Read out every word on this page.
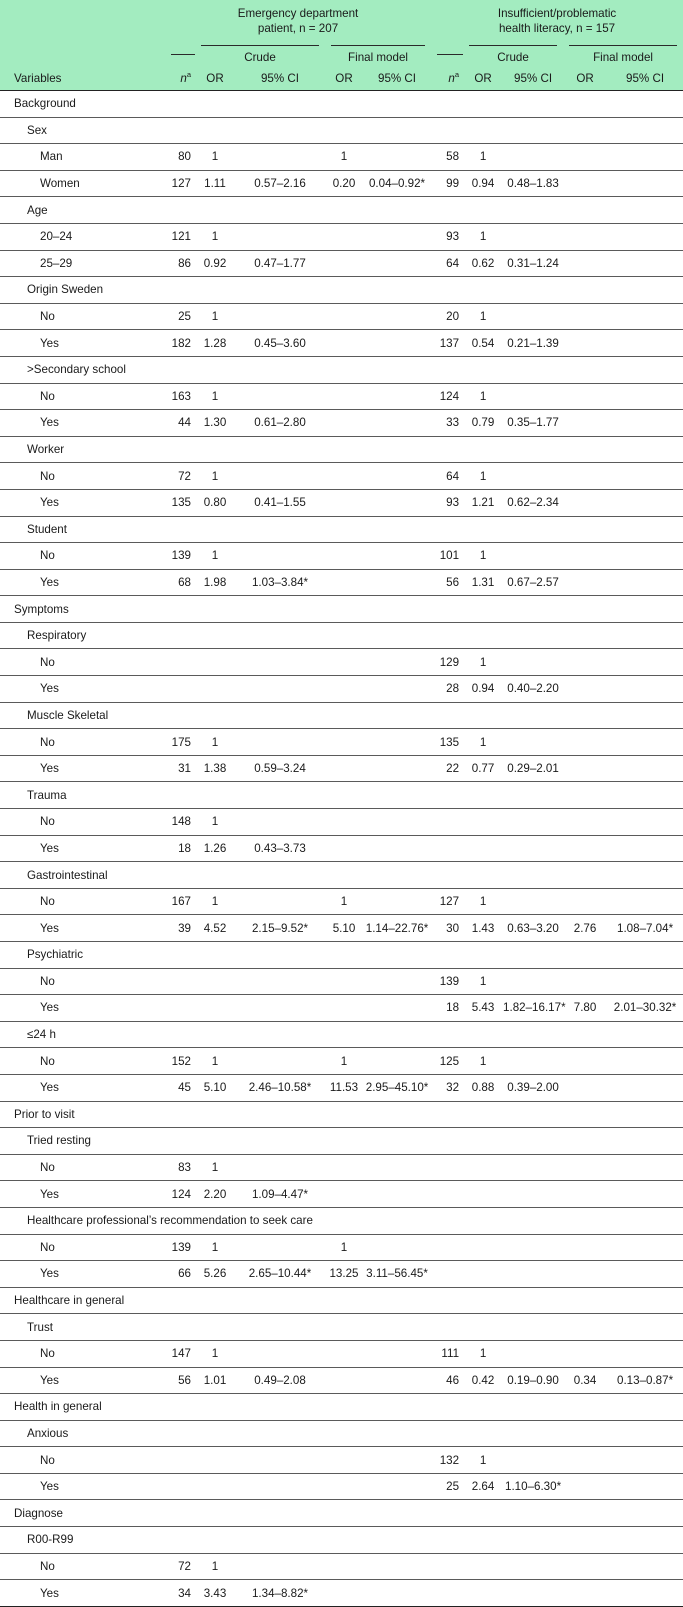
	Emergency department
patient, n = 207					Insufficient/problematic
health literacy, n = 157				

		Crude		Final model			Crude		Final model	

Variables	$n^a$	OR	95% CI	OR	95% CI	$n^a$	OR	95% CI	OR	95% CI
Background										
Sex										
Man	80	1		1		58	1			
Women	127	1.11	0.57–2.16	0.20	0.04–0.92*	99	0.94	0.48–1.83		
Age										
20–24	121	1				93	1			
25–29	86	0.92	0.47–1.77			64	0.62	0.31–1.24		
Origin Sweden										
No	25	1				20	1			
Yes	182	1.28	0.45–3.60			137	0.54	0.21–1.39		
>Secondary school										
No	163	1				124	1			
Yes	44	1.30	0.61–2.80			33	0.79	0.35–1.77		
Worker										
No	72	1				64	1			
Yes	135	0.80	0.41–1.55			93	1.21	0.62–2.34		
Student										
No	139	1				101	1			
Yes	68	1.98	1.03–3.84*			56	1.31	0.67–2.57		
Symptoms										
Respiratory										
No						129	1			
Yes						28	0.94	0.40–2.20		
Muscle Skeletal										
No	175	1				135	1			
Yes	31	1.38	0.59–3.24			22	0.77	0.29–2.01		
Trauma										
No	148	1								
Yes	18	1.26	0.43–3.73							
Gastrointestinal										
No	167	1		1		127	1			
Yes	39	4.52	2.15–9.52*	5.10	1.14–22.76*	30	1.43	0.63–3.20	2.76	1.08–7.04*
Psychiatric										
No						139	1			
Yes						18	5.43	1.82–16.17*	7.80	2.01–30.32*
≤24 h										
No	152	1		1		125	1			
Yes	45	5.10	2.46–10.58*	11.53	2.95–45.10*	32	0.88	0.39–2.00		
Prior to visit										
Tried resting										
No	83	1								
Yes	124	2.20	1.09–4.47*							
Healthcare professional’s recommendation to seek care										
No	139	1		1						
Yes	66	5.26	2.65–10.44*	13.25	3.11–56.45*					
Healthcare in general										
Trust										
No	147	1				111	1			
Yes	56	1.01	0.49–2.08			46	0.42	0.19–0.90	0.34	0.13–0.87*
Health in general										
Anxious										
No						132	1			
Yes						25	2.64	1.10–6.30*		
Diagnose										
R00-R99										
No	72	1								
Yes	34	3.43	1.34–8.82*							
